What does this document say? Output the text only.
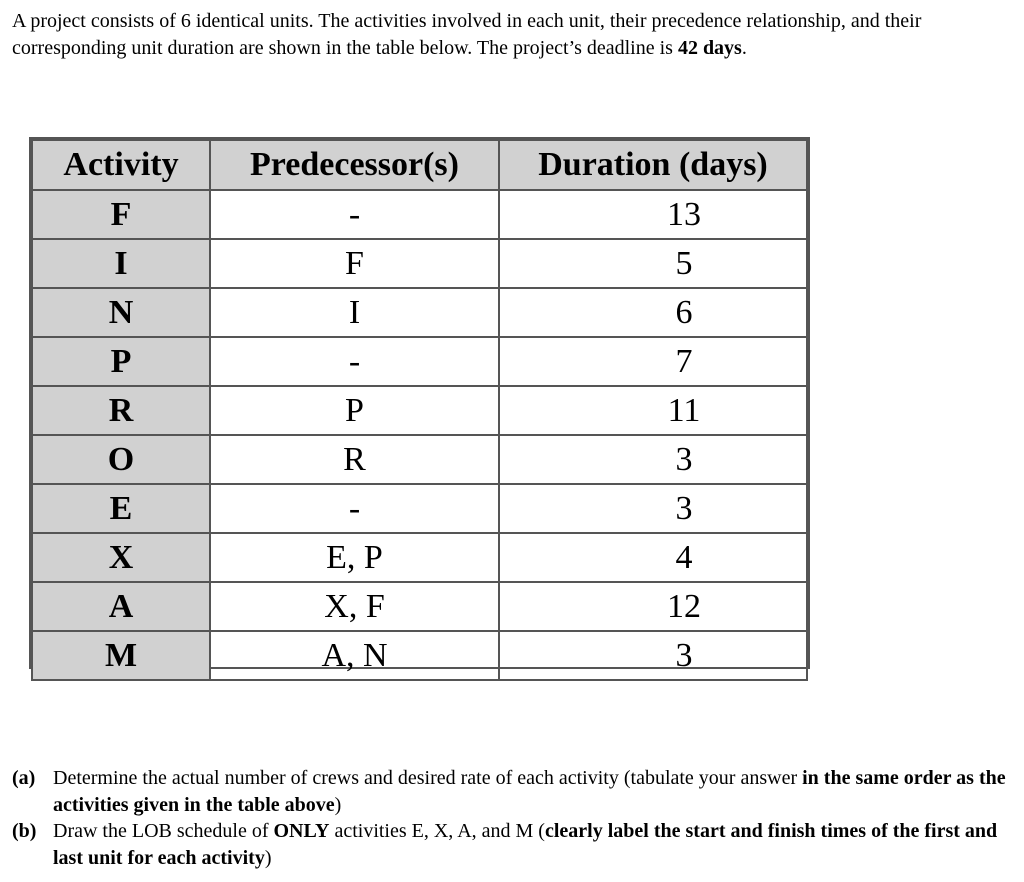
A project consists of 6 identical units. The activities involved in each unit, their precedence relationship, and their corresponding unit duration are shown in the table below. The project’s deadline is 42 days.

Activity	Predecessor(s)	Duration (days)
F	-	13
I	F	5
N	I	6
P	-	7
R	P	11
O	R	3
E	-	3
X	E, P	4
A	X, F	12
M	A, N	3
(a) Determine the actual number of crews and desired rate of each activity (tabulate your answer in the same order as the activities given in the table above)
(b) Draw the LOB schedule of ONLY activities E, X, A, and M (clearly label the start and finish times of the first and last unit for each activity)
